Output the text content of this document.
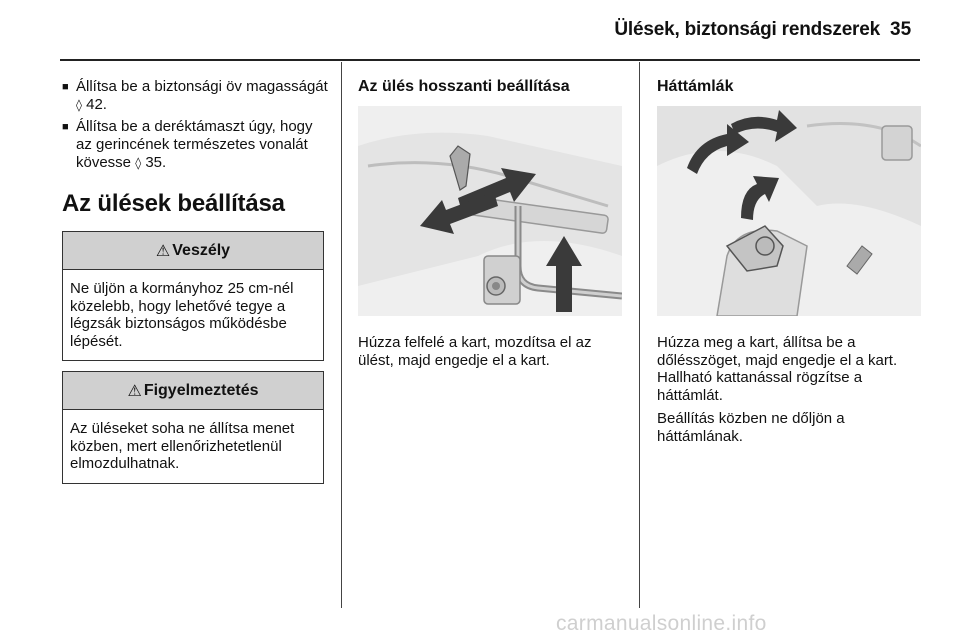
Ülések, biztonsági rendszerek 35
■ Állítsa be a biztonsági öv magasságát ◊ 42.
■ Állítsa be a deréktámaszt úgy, hogy az gerincének természetes vonalát kövesse ◊ 35.
Az ülések beállítása
⚠ Veszély
Ne üljön a kormányhoz 25 cm-nél közelebb, hogy lehetővé tegye a légzsák biztonságos működésbe lépését.
⚠ Figyelmeztetés
Az üléseket soha ne állítsa menet közben, mert ellenőrizhetetlenül elmozdulhatnak.
Az ülés hosszanti beállítása
Húzza felfelé a kart, mozdítsa el az ülést, majd engedje el a kart.
Háttámlák
Húzza meg a kart, állítsa be a dőlésszöget, majd engedje el a kart. Hallható kattanással rögzítse a háttámlát.
Beállítás közben ne dőljön a háttámlának.
carmanualsonline.info
